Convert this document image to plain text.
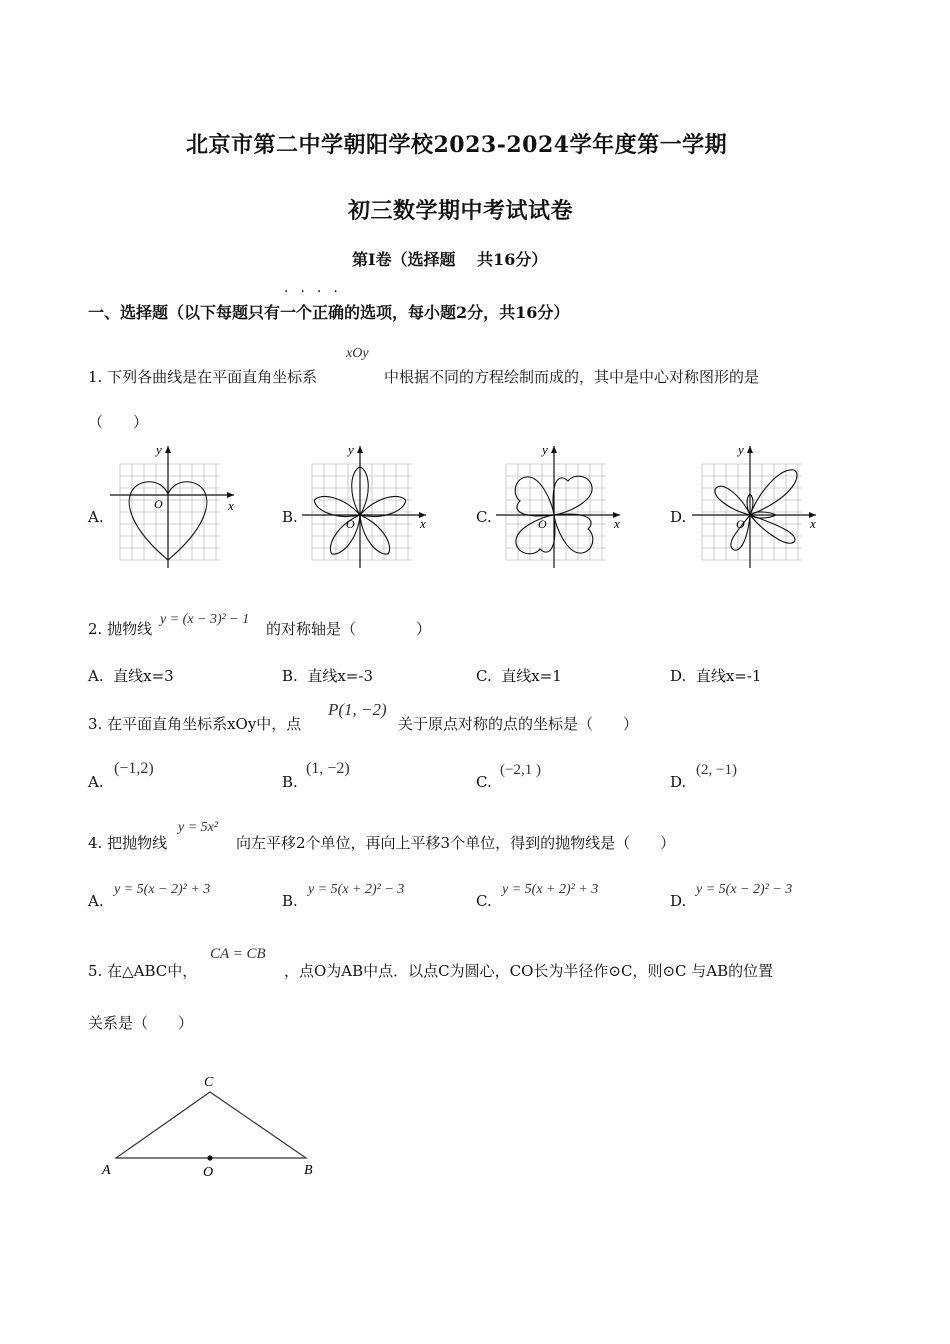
北京市第二中学朝阳学校2023-2024学年度第一学期
初三数学期中考试试卷
第Ⅰ卷（选择题　 共16分）
····
一、选择题（以下每题只有一个正确的选项，每小题2分，共16分）
xOy
1. 下列各曲线是在平面直角坐标系	中根据不同的方程绘制而成的，其中是中心对称图形的是
（　　）
A.	B.	C.	D.
x
y
O
x
y
O	x
y
O	x
y
O
2. 抛物线
y = (x − 3)² − 1
的对称轴是（　　　　）
A. 直线x=3	B. 直线x=-3	C. 直线x=1	D. 直线x=-1
3. 在平面直角坐标系xOy中，点
P(1, −2)
关于原点对称的点的坐标是（　　）
A.
(−1,2)
B.
(1, −2)
C.
(−2,1 )
D.
(2, −1)
4. 把抛物线
y = 5x²
向左平移2个单位，再向上平移3个单位，得到的抛物线是（　　）
A.
y = 5(x − 2)² + 3
B.
y = 5(x + 2)² − 3
C.
y = 5(x + 2)² + 3
D.
y = 5(x − 2)² − 3
5. 在△ABC中，
CA = CB
，点O为AB中点．以点C为圆心，CO长为半径作⊙C，则⊙C 与AB的位置
关系是（　　）
C
A	O	B
